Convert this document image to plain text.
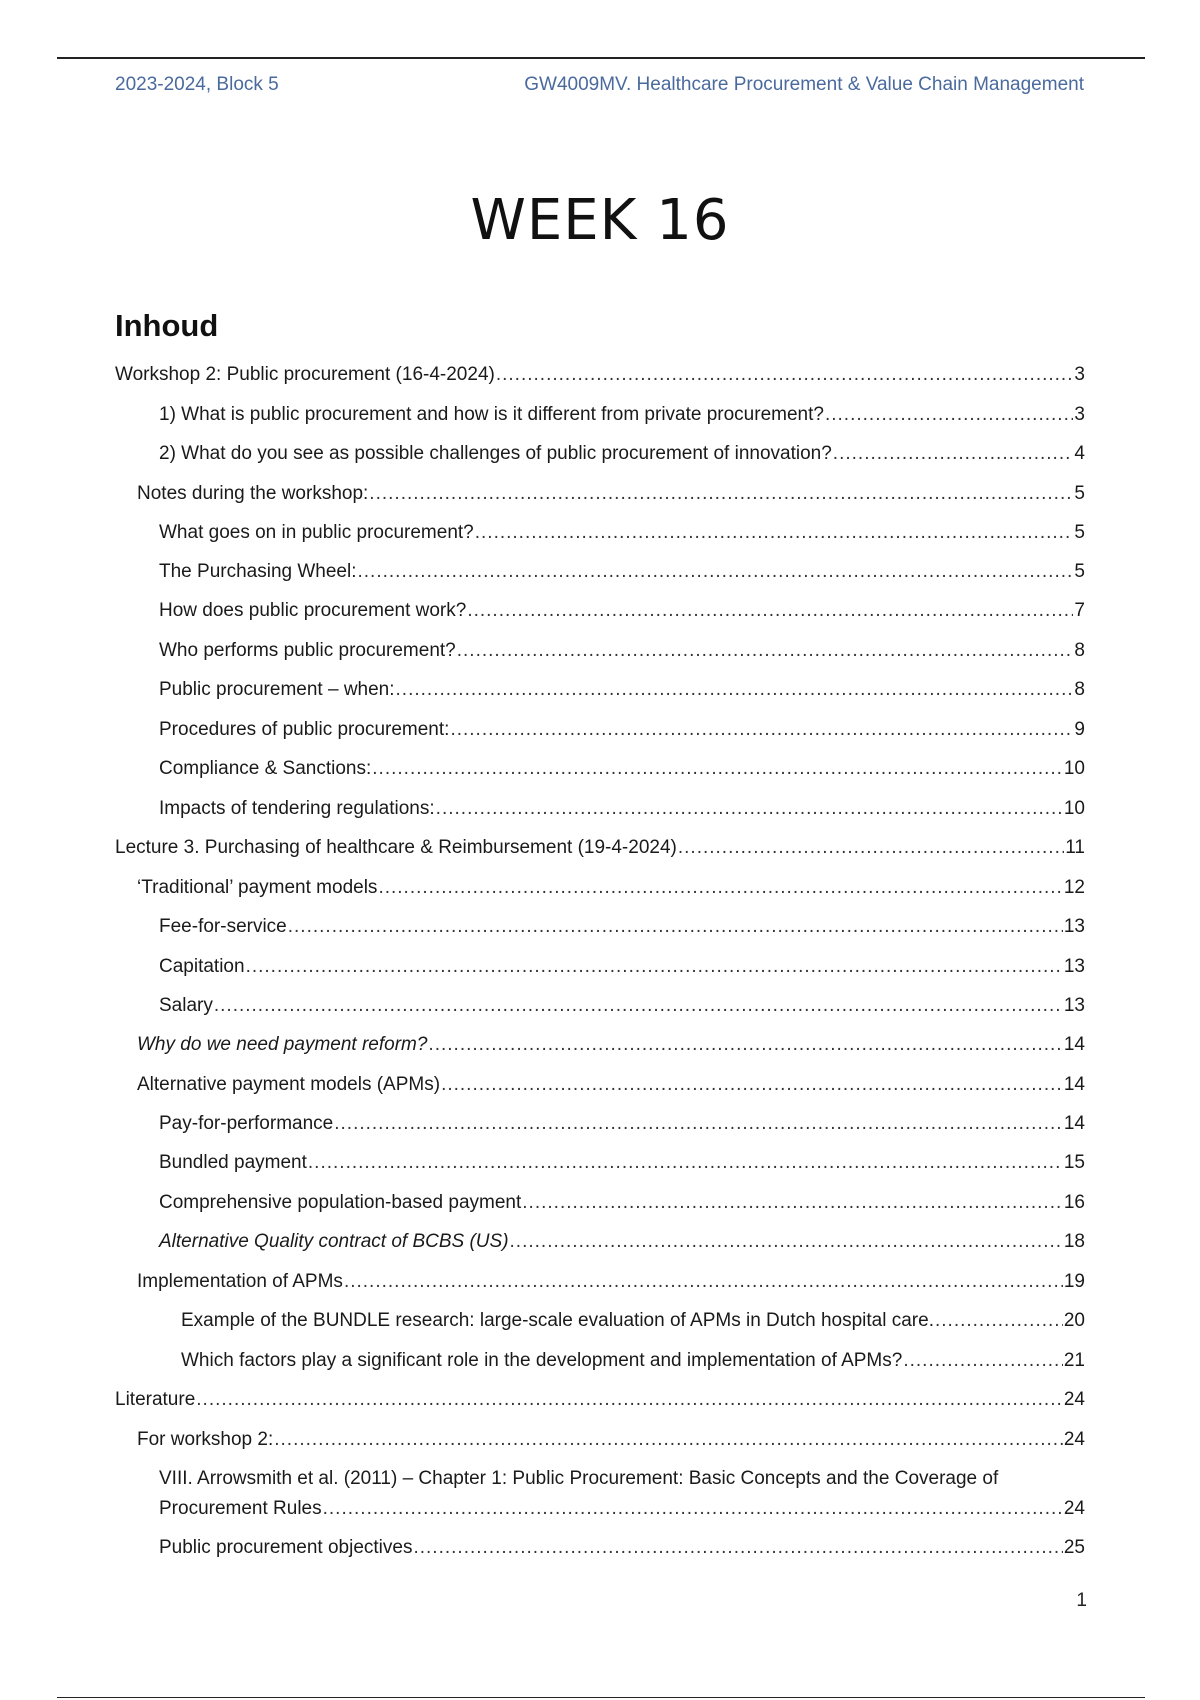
2023-2024, Block 5	GW4009MV. Healthcare Procurement & Value Chain Management
WEEK 16
Inhoud
Workshop 2: Public procurement (16-4-2024) .....	3
1) What is public procurement and how is it different from private procurement? .....	3
2) What do you see as possible challenges of public procurement of innovation? .....	4
Notes during the workshop: .....	5
What goes on in public procurement? .....	5
The Purchasing Wheel: .....	5
How does public procurement work? .....	7
Who performs public procurement? .....	8
Public procurement – when: .....	8
Procedures of public procurement: .....	9
Compliance & Sanctions: .....	10
Impacts of tendering regulations: .....	10
Lecture 3. Purchasing of healthcare & Reimbursement (19-4-2024) .....	11
‘Traditional’ payment models .....	12
Fee-for-service .....	13
Capitation .....	13
Salary .....	13
Why do we need payment reform? .....	14
Alternative payment models (APMs) .....	14
Pay-for-performance .....	14
Bundled payment .....	15
Comprehensive population-based payment .....	16
Alternative Quality contract of BCBS (US) .....	18
Implementation of APMs .....	19
Example of the BUNDLE research: large-scale evaluation of APMs in Dutch hospital care. .....	20
Which factors play a significant role in the development and implementation of APMs? .....	21
Literature .....	24
For workshop 2: .....	24
VIII. Arrowsmith et al. (2011) – Chapter 1: Public Procurement: Basic Concepts and the Coverage of
Procurement Rules .....	24
Public procurement objectives .....	25
1
